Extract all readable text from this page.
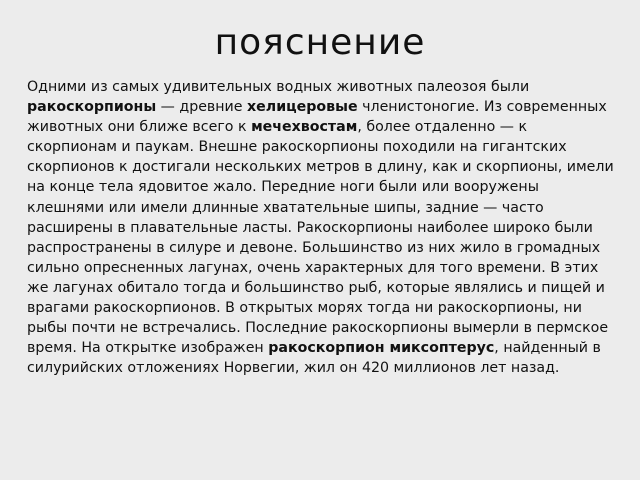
пояснение

Одними из самых удивительных водных животных палеозоя были ракоскорпионы — древние хелицеровые членистоногие. Из современных животных они ближе всего к мечехвостам, более отдаленно — к скорпионам и паукам. Внешне ракоскорпионы походили на гигантских скорпионов к достигали нескольких метров в длину, как и скорпионы, имели на конце тела ядовитое жало. Передние ноги были или вооружены клешнями или имели длинные хватательные шипы, задние — часто расширены в плавательные ласты. Ракоскорпионы наиболее широко были распространены в силуре и девоне. Большинство из них жило в громадных сильно опресненных лагунах, очень характерных для того времени. В этих же лагунах обитало тогда и большинство рыб, которые являлись и пищей и врагами ракоскорпионов. В открытых морях тогда ни ракоскорпионы, ни рыбы почти не встречались. Последние ракоскорпионы вымерли в пермское время. На открытке изображен ракоскорпион миксоптерус, найденный в силурийских отложениях Норвегии, жил он 420 миллионов лет назад.
